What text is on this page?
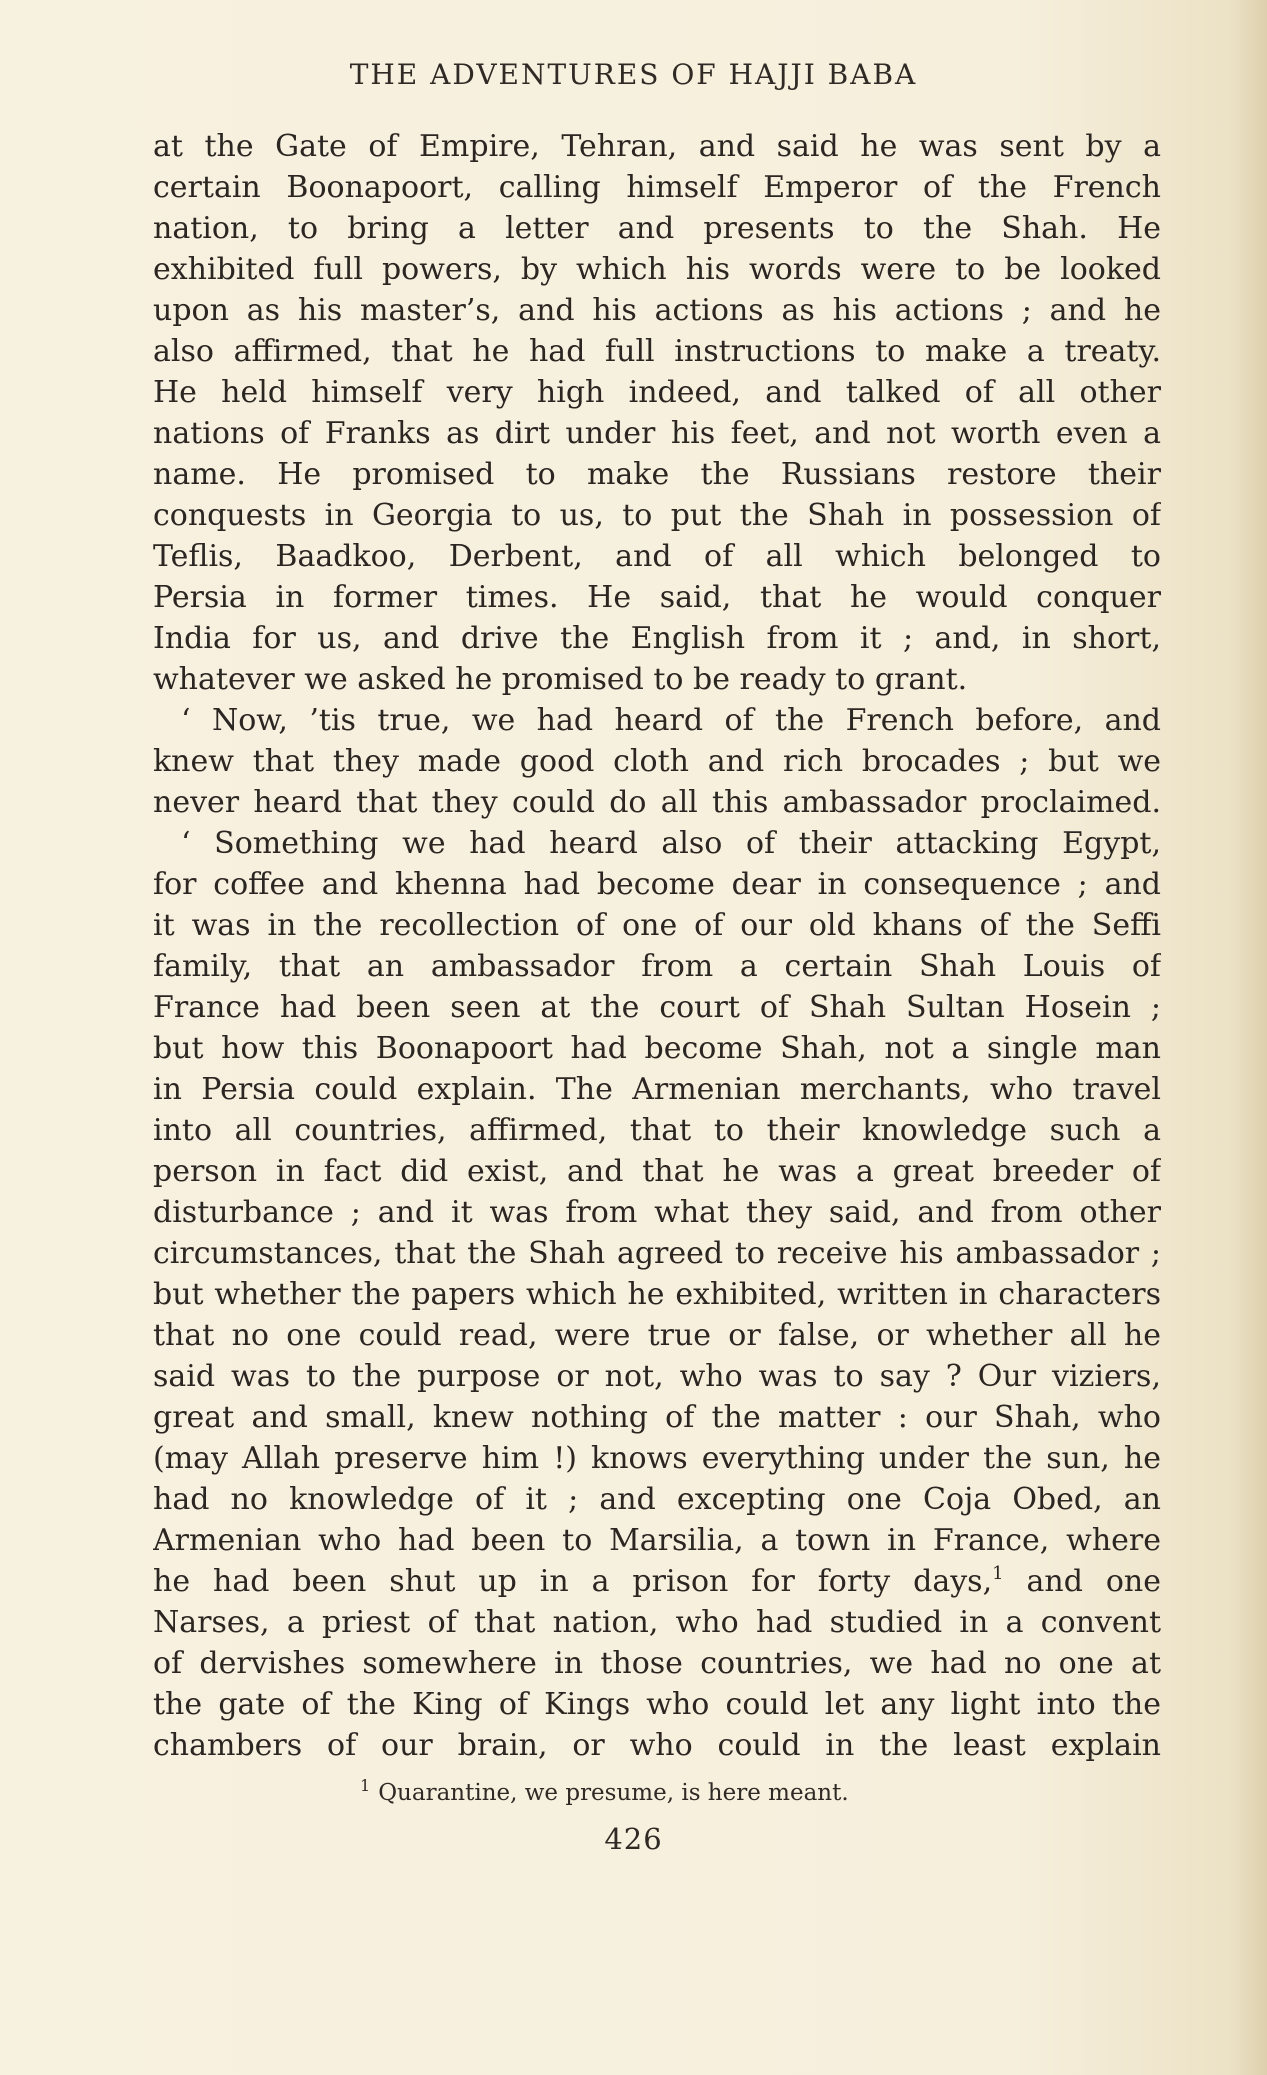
THE ADVENTURES OF HAJJI BABA
at the Gate of Empire, Tehran, and said he was sent by a
certain Boonapoort, calling himself Emperor of the French
nation, to bring a letter and presents to the Shah. He
exhibited full powers, by which his words were to be looked
upon as his master’s, and his actions as his actions ; and he
also affirmed, that he had full instructions to make a treaty.
He held himself very high indeed, and talked of all other
nations of Franks as dirt under his feet, and not worth even a
name. He promised to make the Russians restore their
conquests in Georgia to us, to put the Shah in possession of
Teflis, Baadkoo, Derbent, and of all which belonged to
Persia in former times. He said, that he would conquer
India for us, and drive the English from it ; and, in short,
whatever we asked he promised to be ready to grant.
‘ Now, ’tis true, we had heard of the French before, and
knew that they made good cloth and rich brocades ; but we
never heard that they could do all this ambassador proclaimed.
‘ Something we had heard also of their attacking Egypt,
for coffee and khenna had become dear in consequence ; and
it was in the recollection of one of our old khans of the Seffi
family, that an ambassador from a certain Shah Louis of
France had been seen at the court of Shah Sultan Hosein ;
but how this Boonapoort had become Shah, not a single man
in Persia could explain. The Armenian merchants, who travel
into all countries, affirmed, that to their knowledge such a
person in fact did exist, and that he was a great breeder of
disturbance ; and it was from what they said, and from other
circumstances, that the Shah agreed to receive his ambassador ;
but whether the papers which he exhibited, written in characters
that no one could read, were true or false, or whether all he
said was to the purpose or not, who was to say ? Our viziers,
great and small, knew nothing of the matter : our Shah, who
(may Allah preserve him !) knows everything under the sun, he
had no knowledge of it ; and excepting one Coja Obed, an
Armenian who had been to Marsilia, a town in France, where
he had been shut up in a prison for forty days,$^1$ and one
Narses, a priest of that nation, who had studied in a convent
of dervishes somewhere in those countries, we had no one at
the gate of the King of Kings who could let any light into the
chambers of our brain, or who could in the least explain
$^1$ Quarantine, we presume, is here meant.
426
